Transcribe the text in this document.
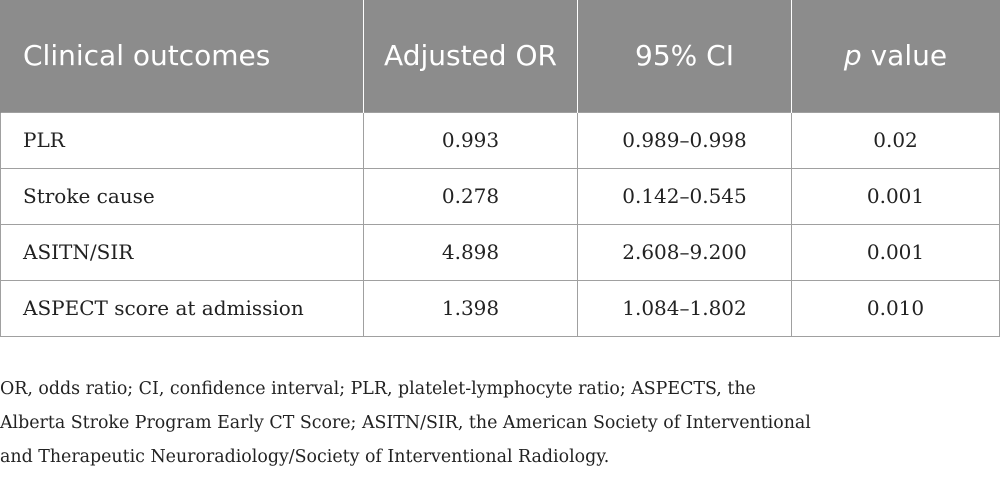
Clinical outcomes	Adjusted OR	95% CI	p value
PLR	0.993	0.989–0.998	0.02
Stroke cause	0.278	0.142–0.545	0.001
ASITN/SIR	4.898	2.608–9.200	0.001
ASPECT score at admission	1.398	1.084–1.802	0.010

OR, odds ratio; CI, confidence interval; PLR, platelet-lymphocyte ratio; ASPECTS, the
Alberta Stroke Program Early CT Score; ASITN/SIR, the American Society of Interventional
and Therapeutic Neuroradiology/Society of Interventional Radiology.
